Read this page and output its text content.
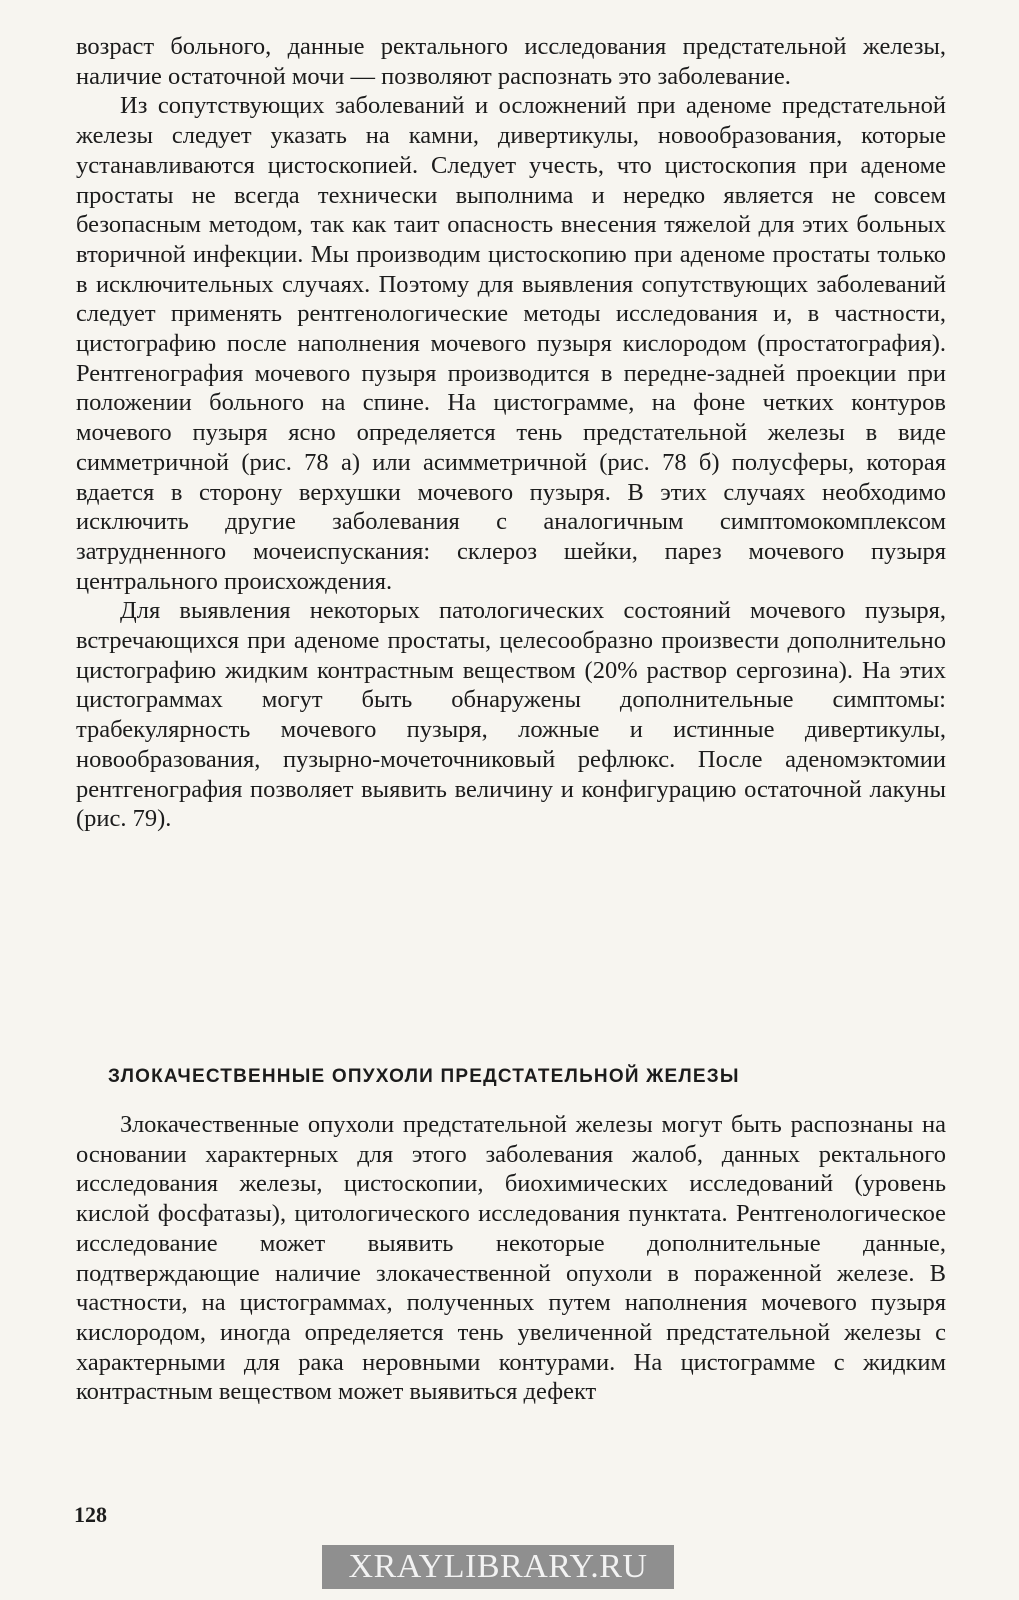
возраст больного, данные ректального исследования предстательной железы, наличие остаточной мочи — позволяют распознать это заболевание.

Из сопутствующих заболеваний и осложнений при аденоме предстательной железы следует указать на камни, дивертикулы, новообразования, которые устанавливаются цистоскопией. Следует учесть, что цистоскопия при аденоме простаты не всегда технически выполнима и нередко является не совсем безопасным методом, так как таит опасность внесения тяжелой для этих больных вторичной инфекции. Мы производим цистоскопию при аденоме простаты только в исключительных случаях. Поэтому для выявления сопутствующих заболеваний следует применять рентгенологические методы исследования и, в частности, цистографию после наполнения мочевого пузыря кислородом (простатография). Рентгенография мочевого пузыря производится в передне-задней проекции при положении больного на спине. На цистограмме, на фоне четких контуров мочевого пузыря ясно определяется тень предстательной железы в виде симметричной (рис. 78 а) или асимметричной (рис. 78 б) полусферы, которая вдается в сторону верхушки мочевого пузыря. В этих случаях необходимо исключить другие заболевания с аналогичным симптомокомплексом затрудненного мочеиспускания: склероз шейки, парез мочевого пузыря центрального происхождения.

Для выявления некоторых патологических состояний мочевого пузыря, встречающихся при аденоме простаты, целесообразно произвести дополнительно цистографию жидким контрастным веществом (20% раствор сергозина). На этих цистограммах могут быть обнаружены дополнительные симптомы: трабекулярность мочевого пузыря, ложные и истинные дивертикулы, новообразования, пузырно-мочеточниковый рефлюкс. После аденомэктомии рентгенография позволяет выявить величину и конфигурацию остаточной лакуны (рис. 79).

ЗЛОКАЧЕСТВЕННЫЕ ОПУХОЛИ ПРЕДСТАТЕЛЬНОЙ ЖЕЛЕЗЫ

Злокачественные опухоли предстательной железы могут быть распознаны на основании характерных для этого заболевания жалоб, данных ректального исследования железы, цистоскопии, биохимических исследований (уровень кислой фосфатазы), цитологического исследования пунктата. Рентгенологическое исследование может выявить некоторые дополнительные данные, подтверждающие наличие злокачественной опухоли в пораженной железе. В частности, на цистограммах, полученных путем наполнения мочевого пузыря кислородом, иногда определяется тень увеличенной предстательной железы с характерными для рака неровными контурами. На цистограмме с жидким контрастным веществом может выявиться дефект

128
XRAYLIBRARY.RU
